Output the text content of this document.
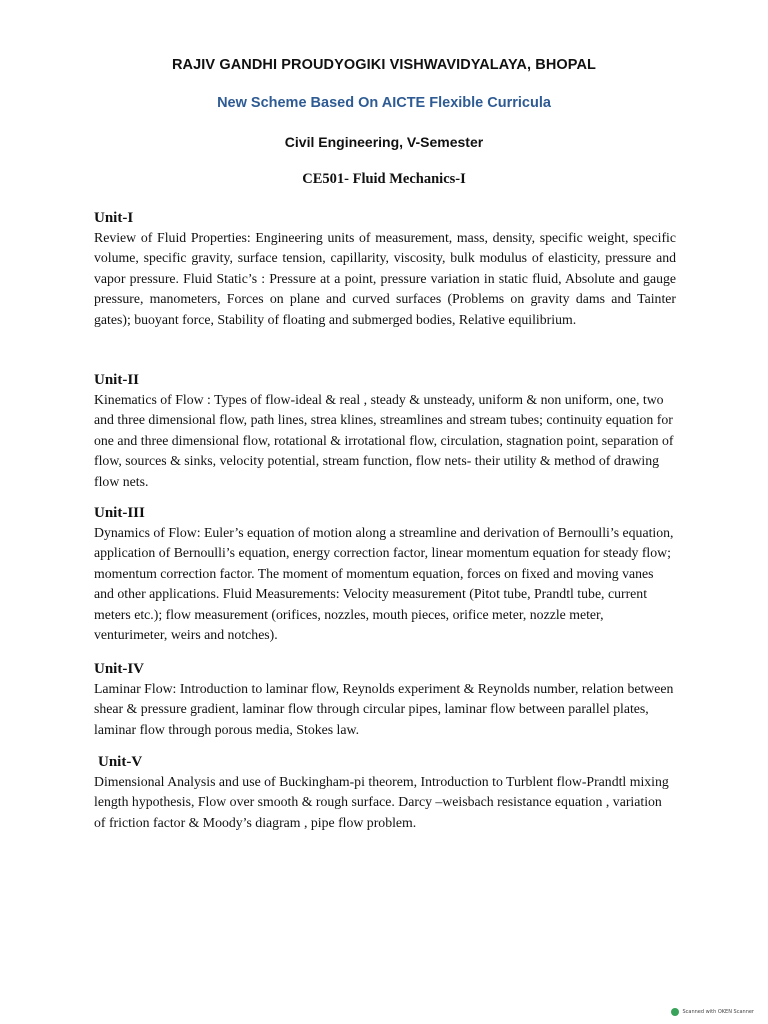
RAJIV GANDHI PROUDYOGIKI VISHWAVIDYALAYA, BHOPAL
New Scheme Based On AICTE Flexible Curricula
Civil Engineering, V-Semester
CE501- Fluid Mechanics-I

Unit-I

Review of Fluid Properties: Engineering units of measurement, mass, density, specific weight, specific volume, specific gravity, surface tension, capillarity, viscosity, bulk modulus of elasticity, pressure and vapor pressure. Fluid Static’s : Pressure at a point, pressure variation in static fluid, Absolute and gauge pressure, manometers, Forces on plane and curved surfaces (Problems on gravity dams and Tainter gates); buoyant force, Stability of floating and submerged bodies, Relative equilibrium.

Unit-II

Kinematics of Flow : Types of flow-ideal & real , steady & unsteady, uniform & non uniform, one, two and three dimensional flow, path lines, strea klines, streamlines and stream tubes; continuity equation for one and three dimensional flow, rotational & irrotational flow, circulation, stagnation point, separation of flow, sources & sinks, velocity potential, stream function, flow nets- their utility & method of drawing flow nets.

Unit-III

Dynamics of Flow: Euler’s equation of motion along a streamline and derivation of Bernoulli’s equation, application of Bernoulli’s equation, energy correction factor, linear momentum equation for steady flow; momentum correction factor. The moment of momentum equation, forces on fixed and moving vanes and other applications. Fluid Measurements: Velocity measurement (Pitot tube, Prandtl tube, current meters etc.); flow measurement (orifices, nozzles, mouth pieces, orifice meter, nozzle meter, venturimeter, weirs and notches).

Unit-IV

Laminar Flow: Introduction to laminar flow, Reynolds experiment & Reynolds number, relation between shear & pressure gradient, laminar flow through circular pipes, laminar flow between parallel plates, laminar flow through porous media, Stokes law.

Unit-V

Dimensional Analysis and use of Buckingham-pi theorem, Introduction to Turblent flow-Prandtl mixing length hypothesis, Flow over smooth & rough surface. Darcy –weisbach resistance equation , variation of friction factor & Moody’s diagram , pipe flow problem.

Scanned with OKEN Scanner
